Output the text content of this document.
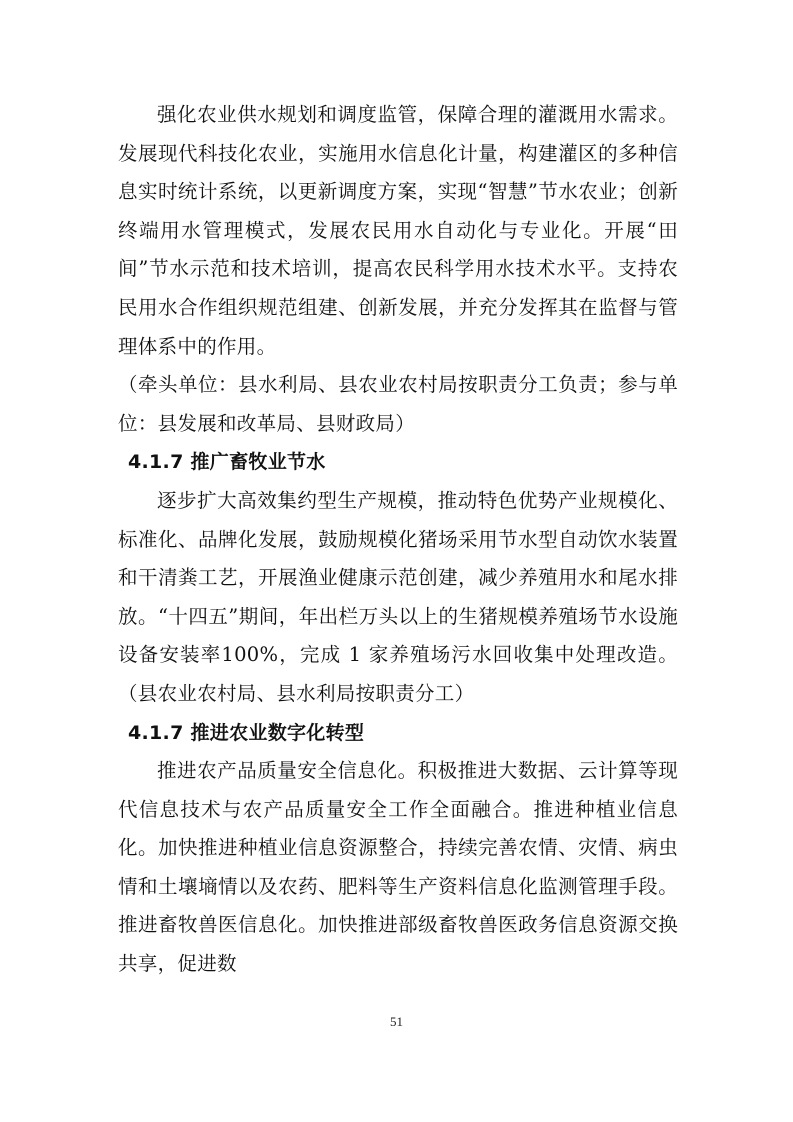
强化农业供水规划和调度监管，保障合理的灌溉用水需求。发展现代科技化农业，实施用水信息化计量，构建灌区的多种信息实时统计系统，以更新调度方案，实现“智慧”节水农业；创新终端用水管理模式，发展农民用水自动化与专业化。开展“田间”节水示范和技术培训，提高农民科学用水技术水平。支持农民用水合作组织规范组建、创新发展，并充分发挥其在监督与管理体系中的作用。

（牵头单位：县水利局、县农业农村局按职责分工负责；参与单位：县发展和改革局、县财政局）

4.1.7 推广畜牧业节水

逐步扩大高效集约型生产规模，推动特色优势产业规模化、标准化、品牌化发展，鼓励规模化猪场采用节水型自动饮水装置和干清粪工艺，开展渔业健康示范创建，减少养殖用水和尾水排放。“十四五”期间，年出栏万头以上的生猪规模养殖场节水设施设备安装率100%，完成 1 家养殖场污水回收集中处理改造。（县农业农村局、县水利局按职责分工）

4.1.7 推进农业数字化转型

推进农产品质量安全信息化。积极推进大数据、云计算等现代信息技术与农产品质量安全工作全面融合。推进种植业信息化。加快推进种植业信息资源整合，持续完善农情、灾情、病虫情和土壤墒情以及农药、肥料等生产资料信息化监测管理手段。推进畜牧兽医信息化。加快推进部级畜牧兽医政务信息资源交换共享，促进数

51
